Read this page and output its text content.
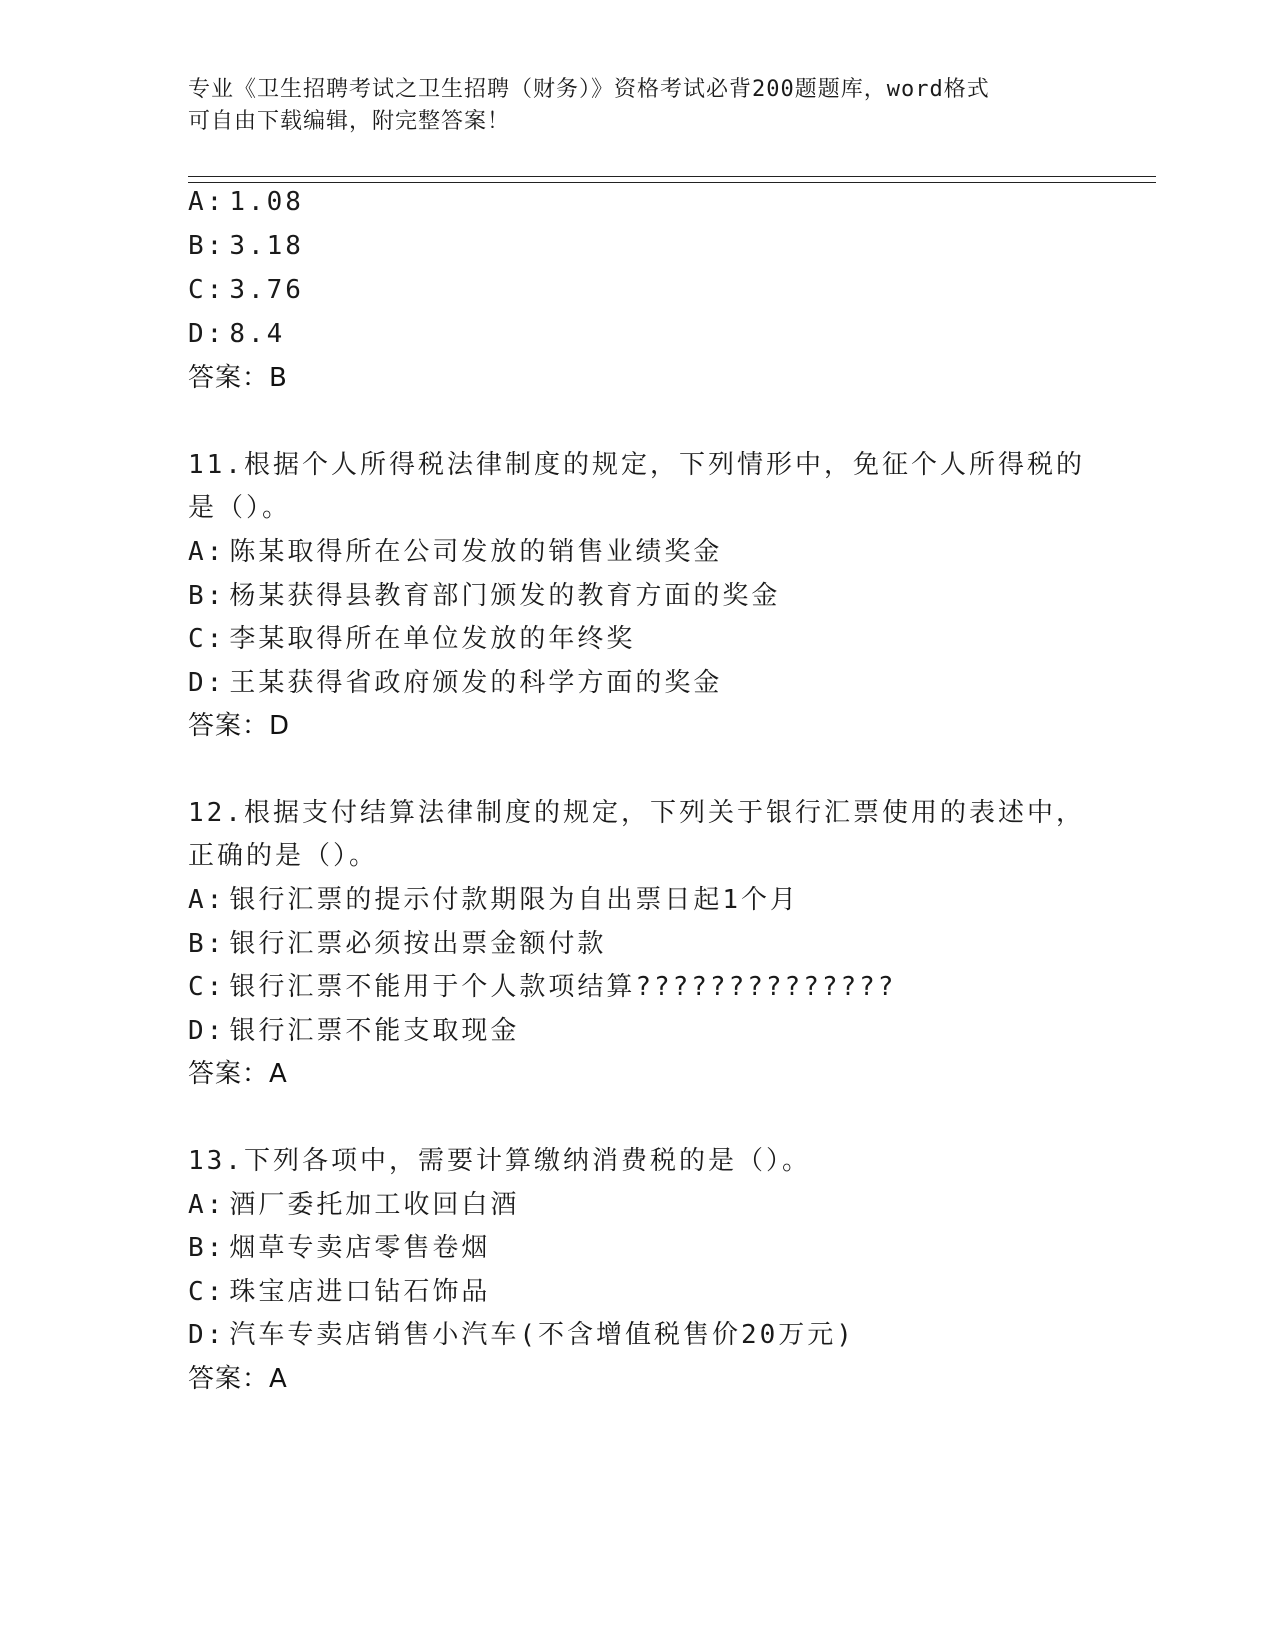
专业《卫生招聘考试之卫生招聘（财务）》资格考试必背200题题库，word格式
可自由下载编辑，附完整答案！
A: 1.08
B: 3.18
C: 3.76
D: 8.4
答案：B
11.根据个人所得税法律制度的规定，下列情形中，免征个人所得税的
是（）。
A: 陈某取得所在公司发放的销售业绩奖金
B: 杨某获得县教育部门颁发的教育方面的奖金
C: 李某取得所在单位发放的年终奖
D: 王某获得省政府颁发的科学方面的奖金
答案：D
12.根据支付结算法律制度的规定，下列关于银行汇票使用的表述中，
正确的是（）。
A: 银行汇票的提示付款期限为自出票日起1个月
B: 银行汇票必须按出票金额付款
C: 银行汇票不能用于个人款项结算??????????????
D: 银行汇票不能支取现金
答案：A
13.下列各项中，需要计算缴纳消费税的是（）。
A: 酒厂委托加工收回白酒
B: 烟草专卖店零售卷烟
C: 珠宝店进口钻石饰品
D: 汽车专卖店销售小汽车(不含增值税售价20万元)
答案：A
